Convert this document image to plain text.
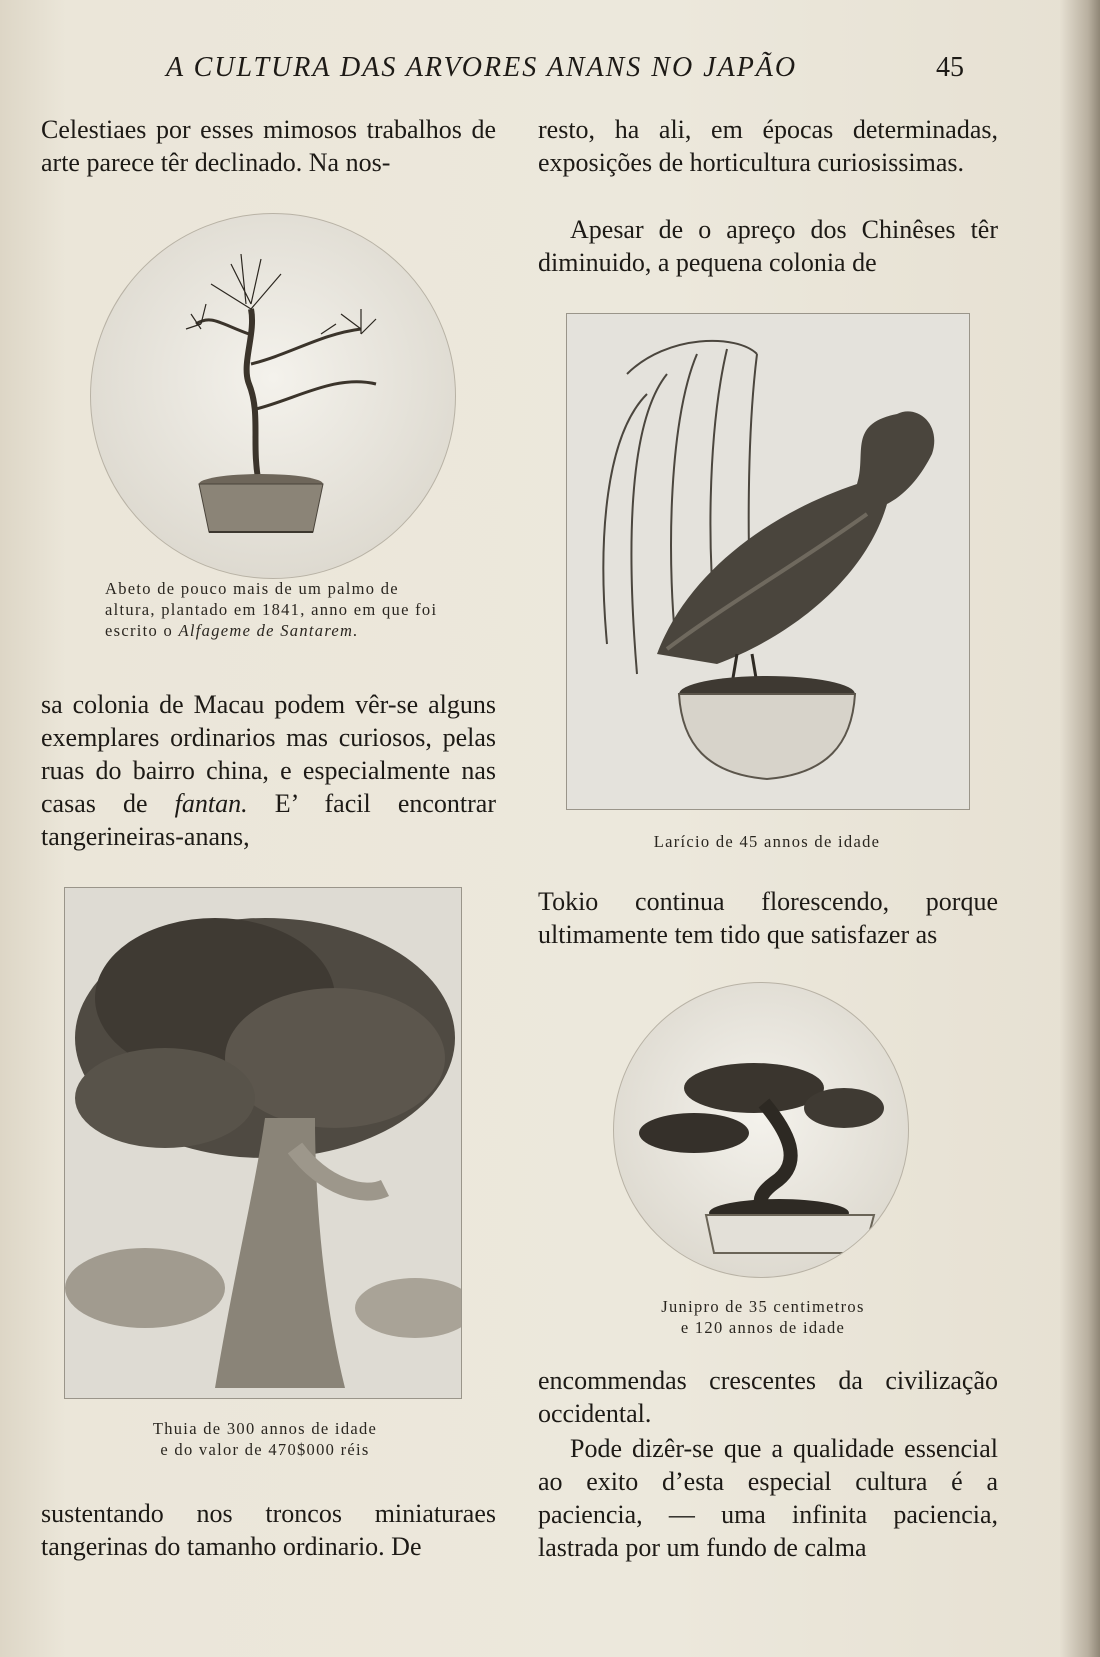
A CULTURA DAS ARVORES ANANS NO JAPÃO	45

Celestiaes por esses mimosos trabalhos de arte parece têr declinado. Na nos-

Abeto de pouco mais de um palmo de altura, plantado em 1841, anno em que foi escrito o Alfageme de Santarem.

sa colonia de Macau podem vêr-se alguns exemplares ordinarios mas curiosos, pelas ruas do bairro china, e especialmente nas casas de fantan. E’ facil encontrar tangerineiras-anans,

Thuia de 300 annos de idade
e do valor de 470$000 réis

sustentando nos troncos miniaturaes tangerinas do tamanho ordinario. De

resto, ha ali, em épocas determinadas, exposições de horticultura curiosissimas.

Apesar de o apreço dos Chinêses têr diminuido, a pequena colonia de

Larício de 45 annos de idade

Tokio continua florescendo, porque ultimamente tem tido que satisfazer as

Junipro de 35 centimetros
e 120 annos de idade

encommendas crescentes da civilização occidental.

Pode dizêr-se que a qualidade essencial ao exito d’esta especial cultura é a paciencia, — uma infinita paciencia, lastrada por um fundo de calma
